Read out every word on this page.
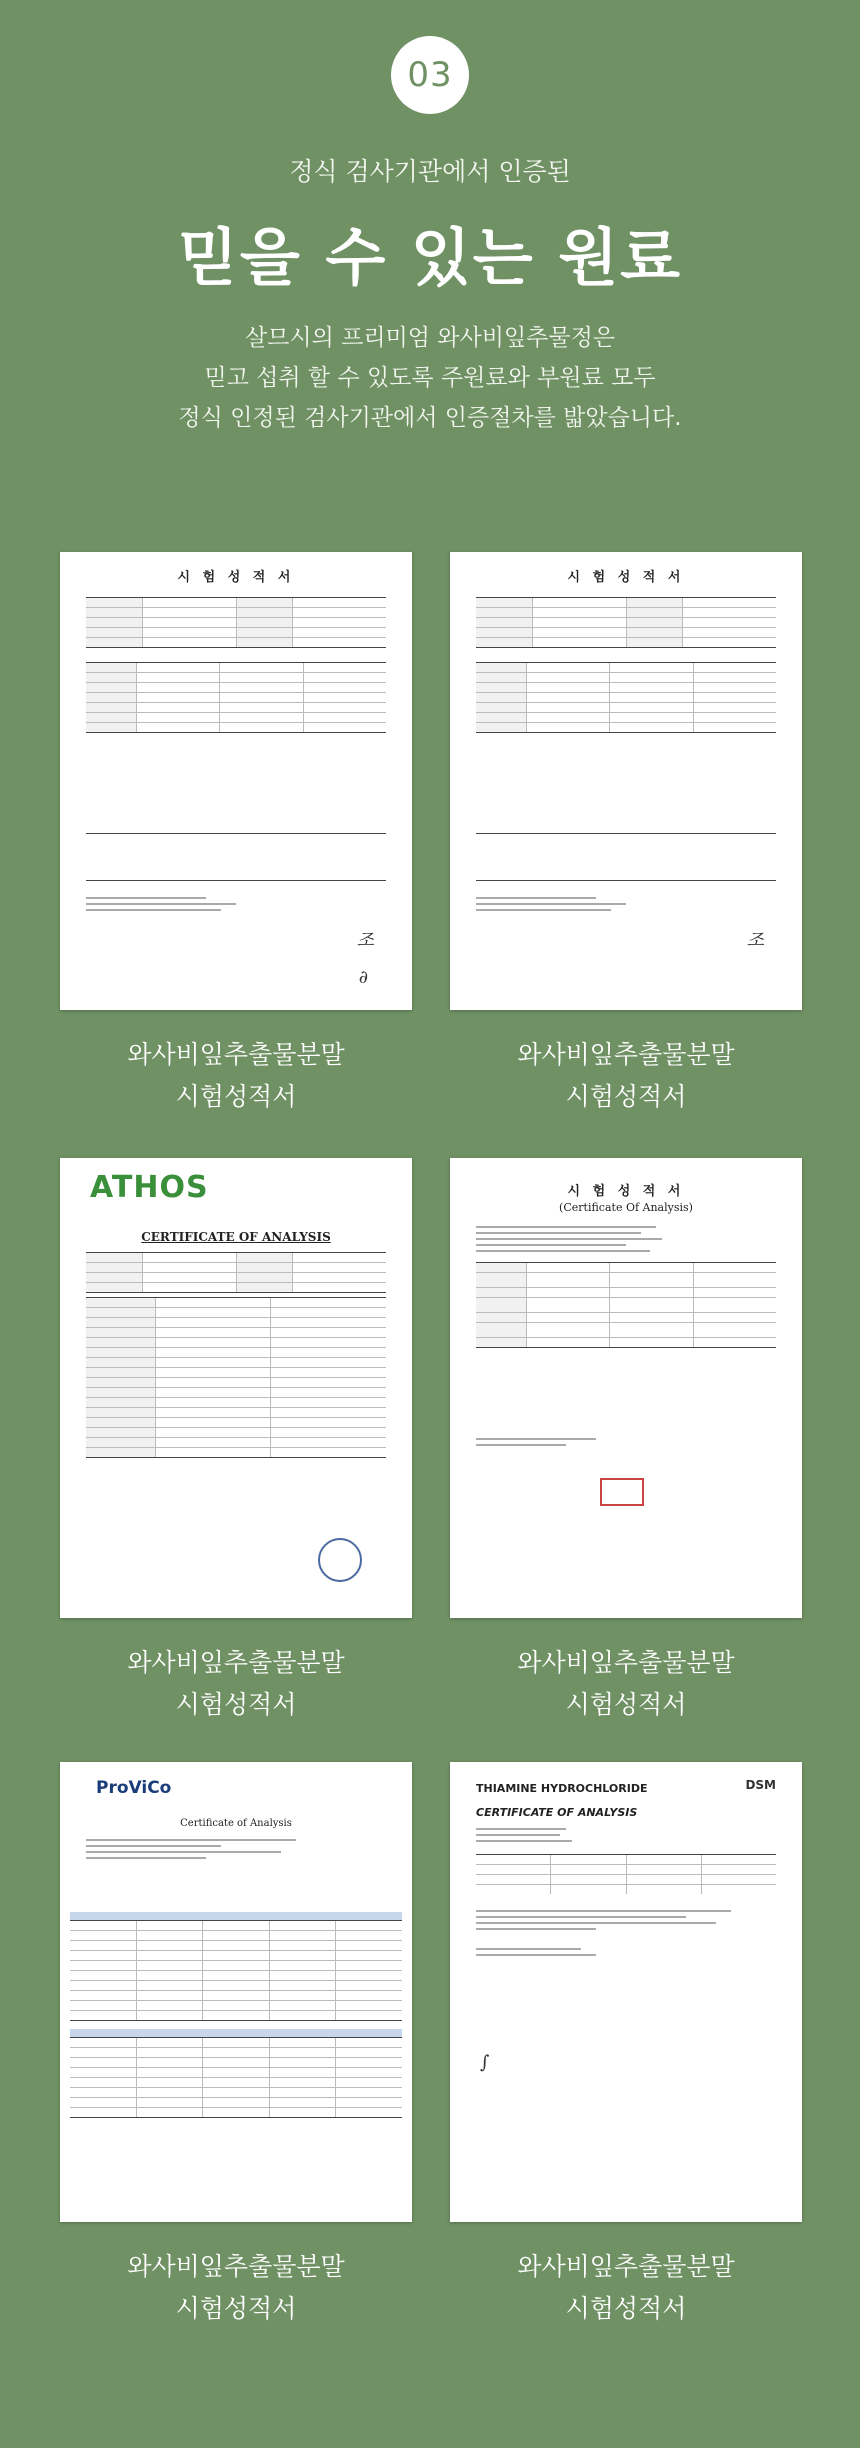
03
정식 검사기관에서 인증된
믿을 수 있는 원료
살므시의 프리미엄 와사비잎추물정은
믿고 섭취 할 수 있도록 주원료와 부원료 모두
정식 인정된 검사기관에서 인증절차를 밟았습니다.
시 험 성 적 서
조
∂
와사비잎추출물분말
시험성적서
시 험 성 적 서
조
와사비잎추출물분말
시험성적서
ATHOS
CERTIFICATE OF ANALYSIS
와사비잎추출물분말
시험성적서
시 험 성 적 서
(Certificate Of Analysis)
와사비잎추출물분말
시험성적서
ProViCo
Certificate of Analysis
와사비잎추출물분말
시험성적서
THIAMINE HYDROCHLORIDE	DSM
CERTIFICATE OF ANALYSIS
∫
와사비잎추출물분말
시험성적서
